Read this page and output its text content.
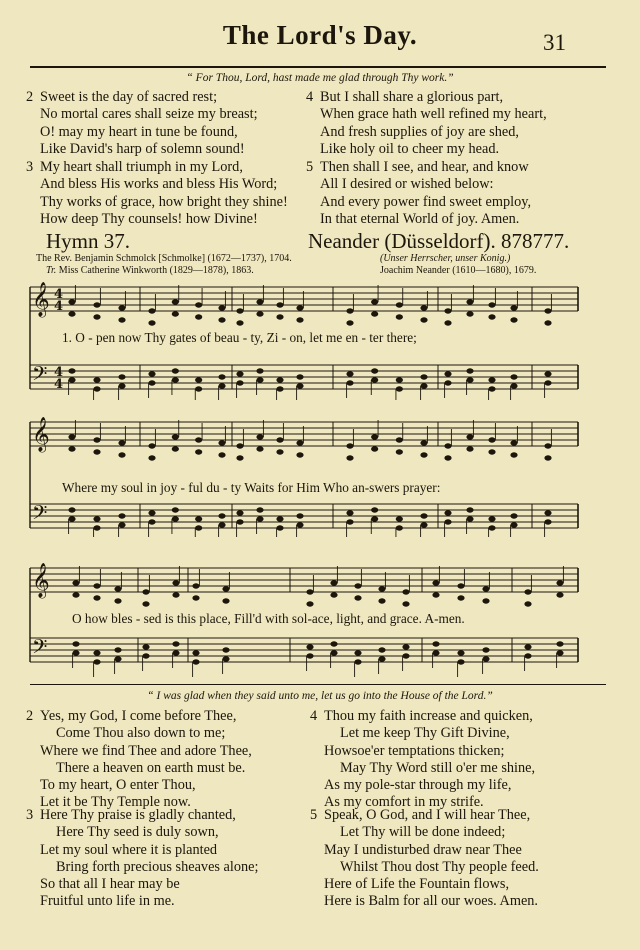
The Lord's Day.	31
“ For Thou, Lord, hast made me glad through Thy work.”
2 Sweet is the day of sacred rest;
No mortal cares shall seize my breast;
O! may my heart in tune be found,
Like David's harp of solemn sound!
3 My heart shall triumph in my Lord,
And bless His works and bless His Word;
Thy works of grace, how bright they shine!
How deep Thy counsels! how Divine!
4 But I shall share a glorious part,
When grace hath well refined my heart,
And fresh supplies of joy are shed,
Like holy oil to cheer my head.
5 Then shall I see, and hear, and know
All I desired or wished below:
And every power find sweet employ,
In that eternal World of joy. Amen.
Hymn 37.	Neander (Düsseldorf). 878777.
The Rev. Benjamin Schmolck [Schmolke] (1672—1737), 1704.
Tr. Miss Catherine Winkworth (1829—1878), 1863.
(Unser Herrscher, unser Konig.)
Joachim Neander (1610—1680), 1679.
𝄞
𝄢
4
4
4
4
1. O - pen now Thy gates of beau - ty, Zi - on, let me en - ter there;
𝄞
𝄢
Where my soul in joy - ful du - ty Waits for Him Who an-swers prayer:
𝄞
𝄢
O how bles - sed is this place, Fill'd with sol-ace, light, and grace. A-men.
“ I was glad when they said unto me, let us go into the House of the Lord.”
2 Yes, my God, I come before Thee,
Come Thou also down to me;
Where we find Thee and adore Thee,
There a heaven on earth must be.
To my heart, O enter Thou,
Let it be Thy Temple now.
3 Here Thy praise is gladly chanted,
Here Thy seed is duly sown,
Let my soul where it is planted
Bring forth precious sheaves alone;
So that all I hear may be
Fruitful unto life in me.
4 Thou my faith increase and quicken,
Let me keep Thy Gift Divine,
Howsoe'er temptations thicken;
May Thy Word still o'er me shine,
As my pole-star through my life,
As my comfort in my strife.
5 Speak, O God, and I will hear Thee,
Let Thy will be done indeed;
May I undisturbed draw near Thee
Whilst Thou dost Thy people feed.
Here of Life the Fountain flows,
Here is Balm for all our woes. Amen.
